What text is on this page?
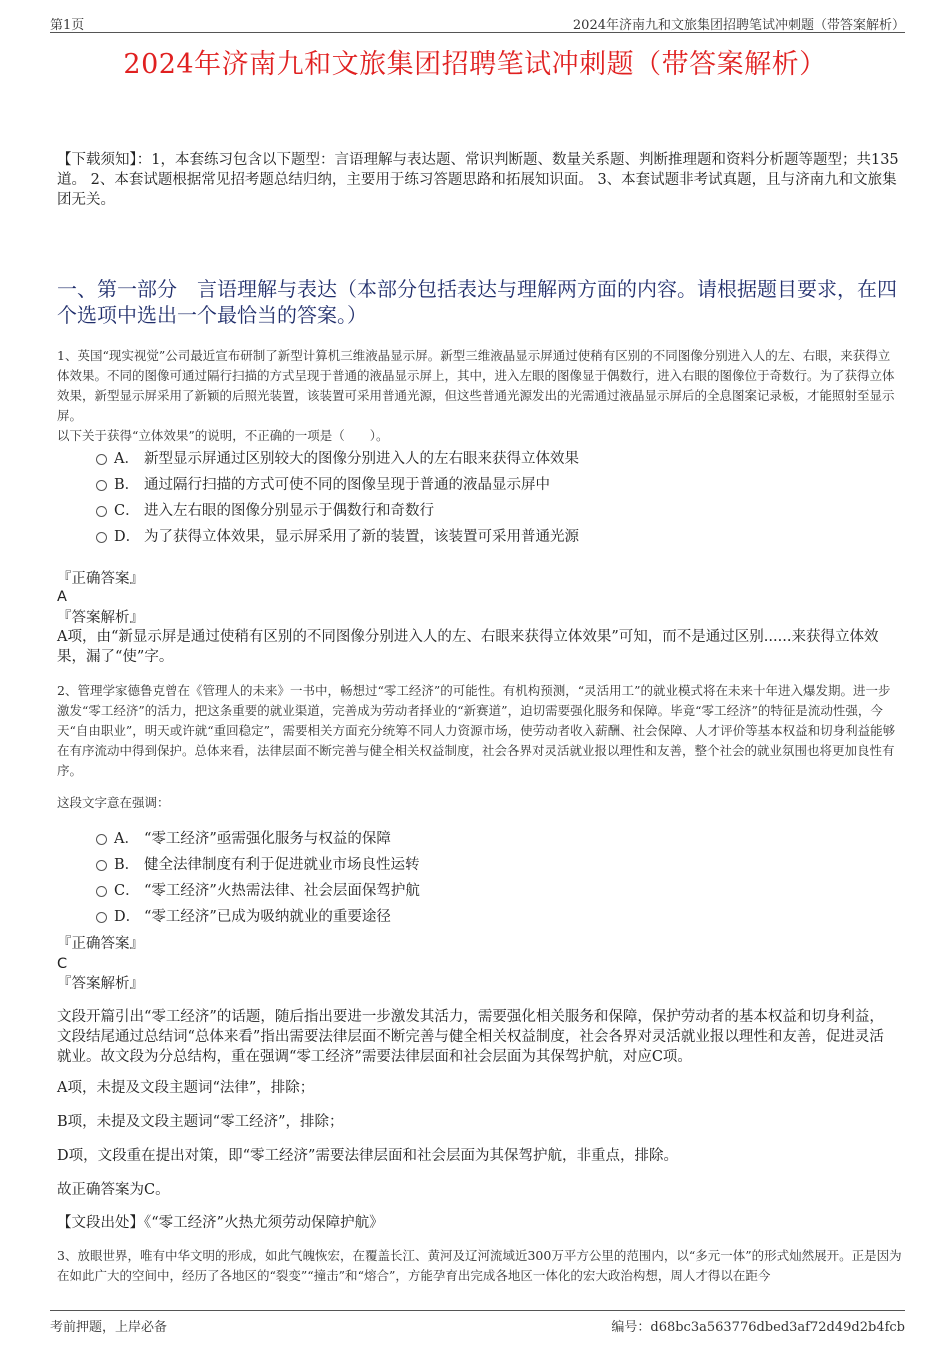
第1页	2024年济南九和文旅集团招聘笔试冲刺题（带答案解析）
2024年济南九和文旅集团招聘笔试冲刺题（带答案解析）
【下载须知】：1，本套练习包含以下题型：言语理解与表达题、常识判断题、数量关系题、判断推理题和资料分析题等题型；共135道。 2、本套试题根据常见招考题总结归纳，主要用于练习答题思路和拓展知识面。 3、本套试题非考试真题，且与济南九和文旅集团无关。
一、第一部分　言语理解与表达（本部分包括表达与理解两方面的内容。请根据题目要求，在四个选项中选出一个最恰当的答案。）
1、英国“现实视觉”公司最近宣布研制了新型计算机三维液晶显示屏。新型三维液晶显示屏通过使稍有区别的不同图像分别进入人的左、右眼，来获得立体效果。不同的图像可通过隔行扫描的方式呈现于普通的液晶显示屏上，其中，进入左眼的图像显于偶数行，进入右眼的图像位于奇数行。为了获得立体效果，新型显示屏采用了新颖的后照光装置，该装置可采用普通光源，但这些普通光源发出的光需通过液晶显示屏后的全息图案记录板，才能照射至显示屏。
以下关于获得“立体效果”的说明，不正确的一项是（　　）。
A． 新型显示屏通过区别较大的图像分别进入人的左右眼来获得立体效果
B． 通过隔行扫描的方式可使不同的图像呈现于普通的液晶显示屏中
C． 进入左右眼的图像分别显示于偶数行和奇数行
D． 为了获得立体效果，显示屏采用了新的装置，该装置可采用普通光源
『正确答案』
A
『答案解析』
A项，由“新显示屏是通过使稍有区别的不同图像分别进入人的左、右眼来获得立体效果”可知，而不是通过区别......来获得立体效果，漏了“使”字。
2、管理学家德鲁克曾在《管理人的未来》一书中，畅想过“零工经济”的可能性。有机构预测，“灵活用工”的就业模式将在未来十年进入爆发期。进一步激发“零工经济”的活力，把这条重要的就业渠道，完善成为劳动者择业的“新赛道”，迫切需要强化服务和保障。毕竟“零工经济”的特征是流动性强，今天“自由职业”，明天或许就“重回稳定”，需要相关方面充分统筹不同人力资源市场，使劳动者收入薪酬、社会保障、人才评价等基本权益和切身利益能够在有序流动中得到保护。总体来看，法律层面不断完善与健全相关权益制度，社会各界对灵活就业报以理性和友善，整个社会的就业氛围也将更加良性有序。
这段文字意在强调：
A． “零工经济”亟需强化服务与权益的保障
B． 健全法律制度有利于促进就业市场良性运转
C． “零工经济”火热需法律、社会层面保驾护航
D． “零工经济”已成为吸纳就业的重要途径
『正确答案』
C
『答案解析』
文段开篇引出“零工经济”的话题，随后指出要进一步激发其活力，需要强化相关服务和保障，保护劳动者的基本权益和切身利益，文段结尾通过总结词“总体来看”指出需要法律层面不断完善与健全相关权益制度，社会各界对灵活就业报以理性和友善，促进灵活就业。故文段为分总结构，重在强调“零工经济”需要法律层面和社会层面为其保驾护航，对应C项。
A项，未提及文段主题词“法律”，排除；
B项，未提及文段主题词“零工经济”，排除；
D项，文段重在提出对策，即“零工经济”需要法律层面和社会层面为其保驾护航，非重点，排除。
故正确答案为C。
【文段出处】《“零工经济”火热尤须劳动保障护航》
3、放眼世界，唯有中华文明的形成，如此气魄恢宏，在覆盖长江、黄河及辽河流域近300万平方公里的范围内，以“多元一体”的形式灿然展开。正是因为在如此广大的空间中，经历了各地区的“裂变”“撞击”和“熔合”，方能孕育出完成各地区一体化的宏大政治构想，周人才得以在距今
考前押题，上岸必备	编号：d68bc3a563776dbed3af72d49d2b4fcb
